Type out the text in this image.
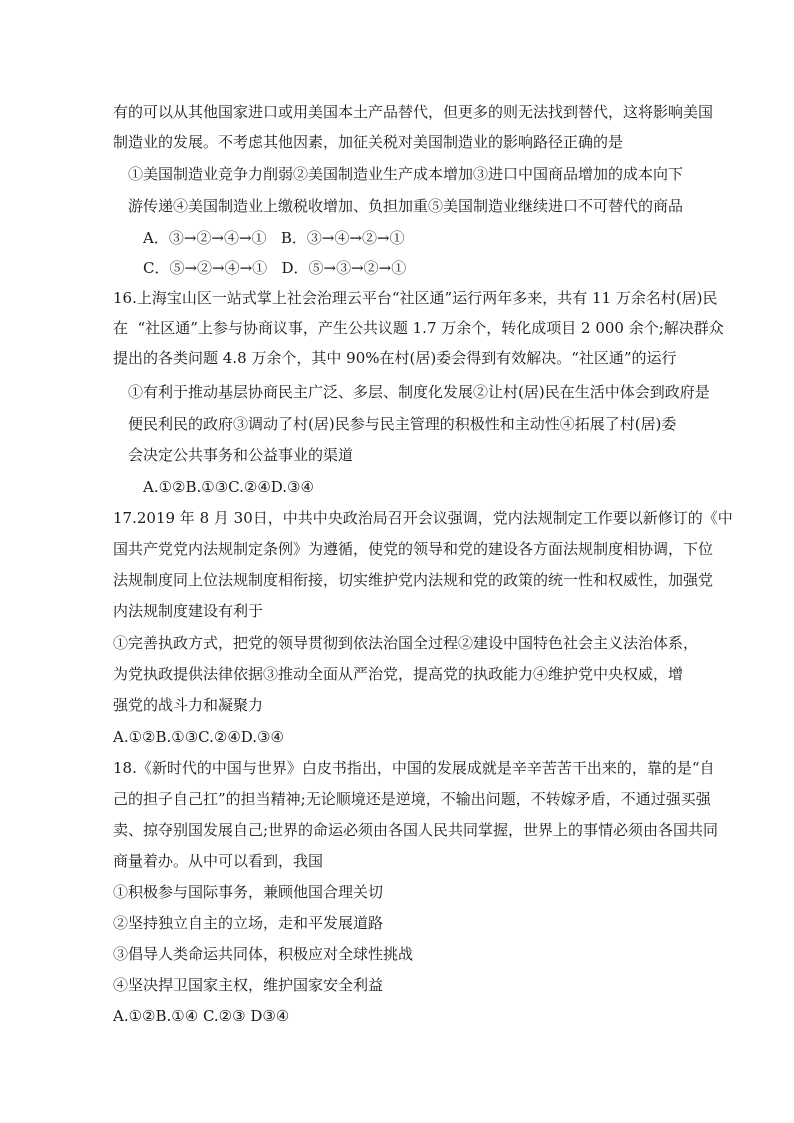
有的可以从其他国家进口或用美国本土产品替代，但更多的则无法找到替代，这将影响美国
制造业的发展。不考虑其他因素，加征关税对美国制造业的影响路径正确的是
①美国制造业竞争力削弱②美国制造业生产成本增加③进口中国商品增加的成本向下
游传递④美国制造业上缴税收增加、负担加重⑤美国制造业继续进口不可替代的商品
A．③→②→④→①   B．③→④→②→①
C．⑤→②→④→①   D．⑤→③→②→①
16.上海宝山区一站式掌上社会治理云平台“社区通”运行两年多来，共有 11 万余名村(居)民
在  “社区通”上参与协商议事，产生公共议题 1.7 万余个，转化成项目 2 000 余个;解决群众
提出的各类问题 4.8 万余个，其中 90%在村(居)委会得到有效解决。“社区通”的运行
①有利于推动基层协商民主广泛、多层、制度化发展②让村(居)民在生活中体会到政府是
便民利民的政府③调动了村(居)民参与民主管理的积极性和主动性④拓展了村(居)委
会决定公共事务和公益事业的渠道
A.①②B.①③C.②④D.③④
17.2019 年 8 月 30日，中共中央政治局召开会议强调，党内法规制定工作要以新修订的《中
国共产党党内法规制定条例》为遵循，使党的领导和党的建设各方面法规制度相协调，下位
法规制度同上位法规制度相衔接，切实维护党内法规和党的政策的统一性和权威性，加强党
内法规制度建设有利于
①完善执政方式，把党的领导贯彻到依法治国全过程②建设中国特色社会主义法治体系，
为党执政提供法律依据③推动全面从严治党，提高党的执政能力④维护党中央权威，增
强党的战斗力和凝聚力
A.①②B.①③C.②④D.③④
18.《新时代的中国与世界》白皮书指出，中国的发展成就是辛辛苦苦干出来的，靠的是“自
己的担子自己扛”的担当精神;无论顺境还是逆境，不输出问题，不转嫁矛盾，不通过强买强
卖、掠夺别国发展自己;世界的命运必须由各国人民共同掌握，世界上的事情必须由各国共同
商量着办。从中可以看到，我国
①积极参与国际事务，兼顾他国合理关切
②坚持独立自主的立场，走和平发展道路
③倡导人类命运共同体，积极应对全球性挑战
④坚决捍卫国家主权，维护国家安全利益
A.①②B.①④ C.②③ D③④
